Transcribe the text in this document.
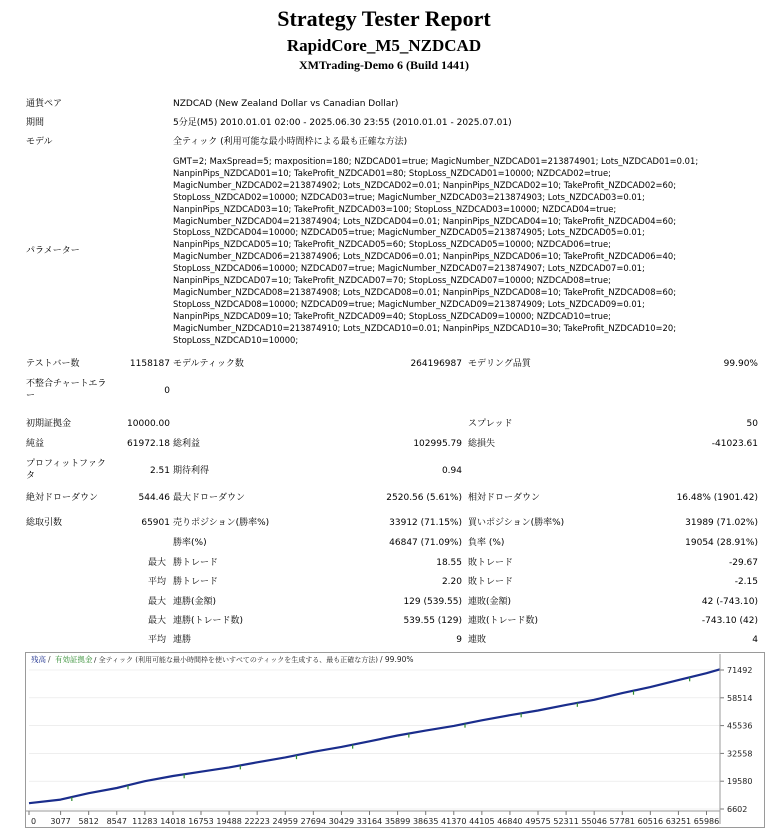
Strategy Tester Report
RapidCore_M5_NZDCAD
XMTrading-Demo 6 (Build 1441)
通貨ペア	NZDCAD (New Zealand Dollar vs Canadian Dollar)
期間	5分足(M5) 2010.01.01 02:00 - 2025.06.30 23:55 (2010.01.01 - 2025.07.01)
モデル	全ティック (利用可能な最小時間枠による最も正確な方法)
パラメーター
GMT=2; MaxSpread=5; maxposition=180; NZDCAD01=true; MagicNumber_NZDCAD01=213874901; Lots_NZDCAD01=0.01;
NanpinPips_NZDCAD01=10; TakeProfit_NZDCAD01=80; StopLoss_NZDCAD01=10000; NZDCAD02=true;
MagicNumber_NZDCAD02=213874902; Lots_NZDCAD02=0.01; NanpinPips_NZDCAD02=10; TakeProfit_NZDCAD02=60;
StopLoss_NZDCAD02=10000; NZDCAD03=true; MagicNumber_NZDCAD03=213874903; Lots_NZDCAD03=0.01;
NanpinPips_NZDCAD03=10; TakeProfit_NZDCAD03=100; StopLoss_NZDCAD03=10000; NZDCAD04=true;
MagicNumber_NZDCAD04=213874904; Lots_NZDCAD04=0.01; NanpinPips_NZDCAD04=10; TakeProfit_NZDCAD04=60;
StopLoss_NZDCAD04=10000; NZDCAD05=true; MagicNumber_NZDCAD05=213874905; Lots_NZDCAD05=0.01;
NanpinPips_NZDCAD05=10; TakeProfit_NZDCAD05=60; StopLoss_NZDCAD05=10000; NZDCAD06=true;
MagicNumber_NZDCAD06=213874906; Lots_NZDCAD06=0.01; NanpinPips_NZDCAD06=10; TakeProfit_NZDCAD06=40;
StopLoss_NZDCAD06=10000; NZDCAD07=true; MagicNumber_NZDCAD07=213874907; Lots_NZDCAD07=0.01;
NanpinPips_NZDCAD07=10; TakeProfit_NZDCAD07=70; StopLoss_NZDCAD07=10000; NZDCAD08=true;
MagicNumber_NZDCAD08=213874908; Lots_NZDCAD08=0.01; NanpinPips_NZDCAD08=10; TakeProfit_NZDCAD08=60;
StopLoss_NZDCAD08=10000; NZDCAD09=true; MagicNumber_NZDCAD09=213874909; Lots_NZDCAD09=0.01;
NanpinPips_NZDCAD09=10; TakeProfit_NZDCAD09=40; StopLoss_NZDCAD09=10000; NZDCAD10=true;
MagicNumber_NZDCAD10=213874910; Lots_NZDCAD10=0.01; NanpinPips_NZDCAD10=30; TakeProfit_NZDCAD10=20;
StopLoss_NZDCAD10=10000;
テストバー数	1158187 モデルティック数	264196987 モデリング品質	99.90%
不整合チャートエラ
ー	0
初期証拠金	10000.00	スプレッド	50
純益	61972.18 総利益	102995.79 総損失	-41023.61
プロフィットファク
タ	2.51 期待利得	0.94
絶対ドローダウン	544.46 最大ドローダウン	2520.56 (5.61%) 相対ドローダウン	16.48% (1901.42)
総取引数	65901 売りポジション(勝率%)	33912 (71.15%) 買いポジション(勝率%)	31989 (71.02%)
勝率(%)	46847 (71.09%) 負率 (%)	19054 (28.91%)
最大 勝トレード	18.55 敗トレード	-29.67
平均 勝トレード	2.20 敗トレード	-2.15
最大 連勝(金額)	129 (539.55) 連敗(金額)	42 (-743.10)
最大 連勝(トレード数)	539.55 (129) 連敗(トレード数)	-743.10 (42)
平均 連勝	9 連敗	4
残高 / 有効証拠金 / 全ティック (利用可能な最小時間枠を使いすべてのティックを生成する、最も正確な方法) / 99.90%
71492
58514
45536
32558
19580
6602
0 3077 5812 8547 11283 14018 16753 19488 22223 24959 27694 30429 33164 35899 38635 41370 44105 46840 49575 52311 55046 57781 60516 63251 65986
